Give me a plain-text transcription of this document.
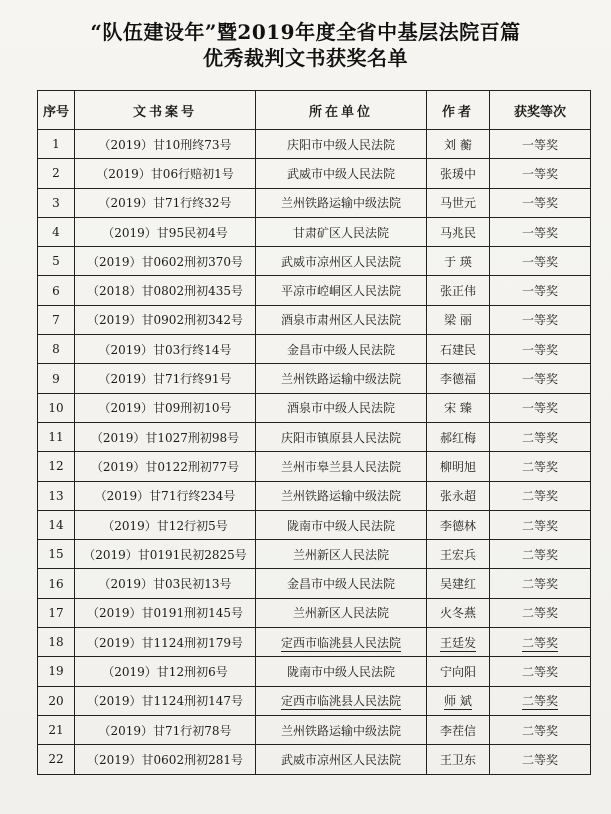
“队伍建设年”暨2019年度全省中基层法院百篇
优秀裁判文书获奖名单
序号	文书案号	所在单位	作者	获奖等次
1	（2019）甘10刑终73号	庆阳市中级人民法院	刘 蘅	一等奖
2	（2019）甘06行赔初1号	武威市中级人民法院	张瑗中	一等奖
3	（2019）甘71行终32号	兰州铁路运输中级法院	马世元	一等奖
4	（2019）甘95民初4号	甘肃矿区人民法院	马兆民	一等奖
5	（2019）甘0602刑初370号	武威市凉州区人民法院	于 瑛	一等奖
6	（2018）甘0802刑初435号	平凉市崆峒区人民法院	张正伟	一等奖
7	（2019）甘0902刑初342号	酒泉市肃州区人民法院	梁 丽	一等奖
8	（2019）甘03行终14号	金昌市中级人民法院	石建民	一等奖
9	（2019）甘71行终91号	兰州铁路运输中级法院	李德福	一等奖
10	（2019）甘09刑初10号	酒泉市中级人民法院	宋 臻	一等奖
11	（2019）甘1027刑初98号	庆阳市镇原县人民法院	郝红梅	二等奖
12	（2019）甘0122刑初77号	兰州市皋兰县人民法院	柳明旭	二等奖
13	（2019）甘71行终234号	兰州铁路运输中级法院	张永超	二等奖
14	（2019）甘12行初5号	陇南市中级人民法院	李德林	二等奖
15	（2019）甘0191民初2825号	兰州新区人民法院	王宏兵	二等奖
16	（2019）甘03民初13号	金昌市中级人民法院	吴建红	二等奖
17	（2019）甘0191刑初145号	兰州新区人民法院	火冬燕	二等奖
18	（2019）甘1124刑初179号	定西市临洮县人民法院	王廷发	二等奖
19	（2019）甘12刑初6号	陇南市中级人民法院	宁向阳	二等奖
20	（2019）甘1124刑初147号	定西市临洮县人民法院	师 斌	二等奖
21	（2019）甘71行初78号	兰州铁路运输中级法院	李茬信	二等奖
22	（2019）甘0602刑初281号	武威市凉州区人民法院	王卫东	二等奖
